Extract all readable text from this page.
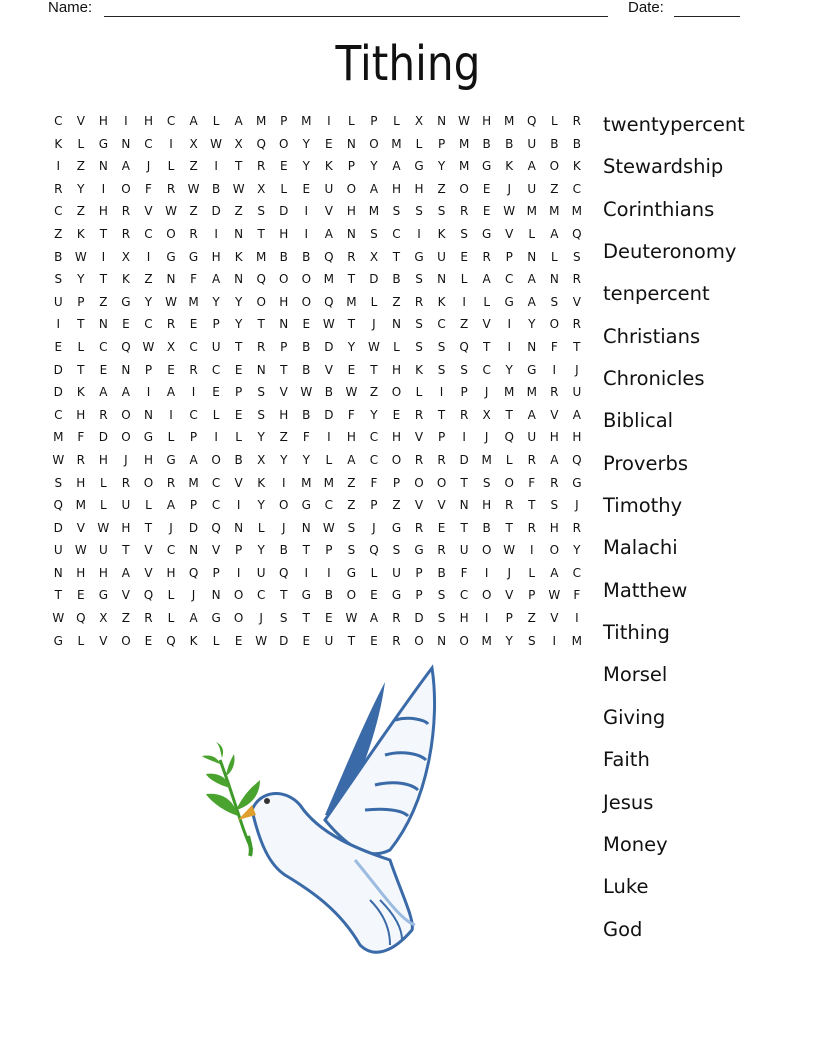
Name:	Date:
Tithing
C	V	H	I	H	C	A	L	A	M	P	M	I	L	P	L	X	N	W	H	M	Q	L	R
K	L	G	N	C	I	X	W	X	Q	O	Y	E	N	O	M	L	P	M	B	B	U	B	B
I	Z	N	A	J	L	Z	I	T	R	E	Y	K	P	Y	A	G	Y	M	G	K	A	O	K
R	Y	I	O	F	R	W	B	W	X	L	E	U	O	A	H	H	Z	O	E	J	U	Z	C
C	Z	H	R	V	W	Z	D	Z	S	D	I	V	H	M	S	S	S	R	E	W M	M	M
Z	K	T	R	C	O	R	I	N	T	H	I	A	N	S	C	I	K	S	G	V	L	A	Q
B	W	I	X	I	G	G	H	K	M	B	B	Q	R	X	T	G	U	E	R	P	N	L	S
S	Y	T	K	Z	N	F	A	N	Q	O	O	M	T	D	B	S	N	L	A	C	A	N	R
U	P	Z	G	Y	W M	Y	Y	O	H	O	Q	M	L	Z	R	K	I	L	G	A	S	V
I	T	N	E	C	R	E	P	Y	T	N	E	W	T	J	N	S	C	Z	V	I	Y	O	R
E	L	C	Q W	X	C	U	T	R	P	B	D	Y	W	L	S	S	Q	T	I	N	F	T
D	T	E	N	P	E	R	C	E	N	T	B	V	E	T	H	K	S	S	C	Y	G	I	J
D	K	A	A	I	A	I	E	P	S	V	W	B	W	Z	O	L	I	P	J	M	M	R	U
C	H	R	O	N	I	C	L	E	S	H	B	D	F	Y	E	R	T	R	X	T	A	V	A
M	F	D	O	G	L	P	I	L	Y	Z	F	I	H	C	H	V	P	I	J	Q	U	H	H
W	R	H	J	H	G	A	O	B	X	Y	Y	L	A	C	O	R	R	D	M	L	R	A	Q
S	H	L	R	O	R	M	C	V	K	I	M	M	Z	F	P	O	O	T	S	O	F	R	G
Q	M	L	U	L	A	P	C	I	Y	O	G	C	Z	P	Z	V	V	N	H	R	T	S	J
D	V	W	H	T	J	D	Q	N	L	J	N	W	S	J	G	R	E	T	B	T	R	H	R
U	W	U	T	V	C	N	V	P	Y	B	T	P	S	Q	S	G	R	U	O W	I	O	Y
N	H	H	A	V	H	Q	P	I	U	Q	I	I	G	L	U	P	B	F	I	J	L	A	C
T	E	G	V	Q	L	J	N	O	C	T	G	B	O	E	G	P	S	C	O	V	P	W	F
W Q	X	Z	R	L	A	G	O	J	S	T	E	W	A	R	D	S	H	I	P	Z	V	I
G	L	V	O	E	Q	K	L	E	W D	E	U	T	E	R	O	N	O	M	Y	S	I	M
twentypercent
Stewardship
Corinthians
Deuteronomy
tenpercent
Christians
Chronicles
Biblical
Proverbs
Timothy
Malachi
Matthew
Tithing
Morsel
Giving
Faith
Jesus
Money
Luke
God
